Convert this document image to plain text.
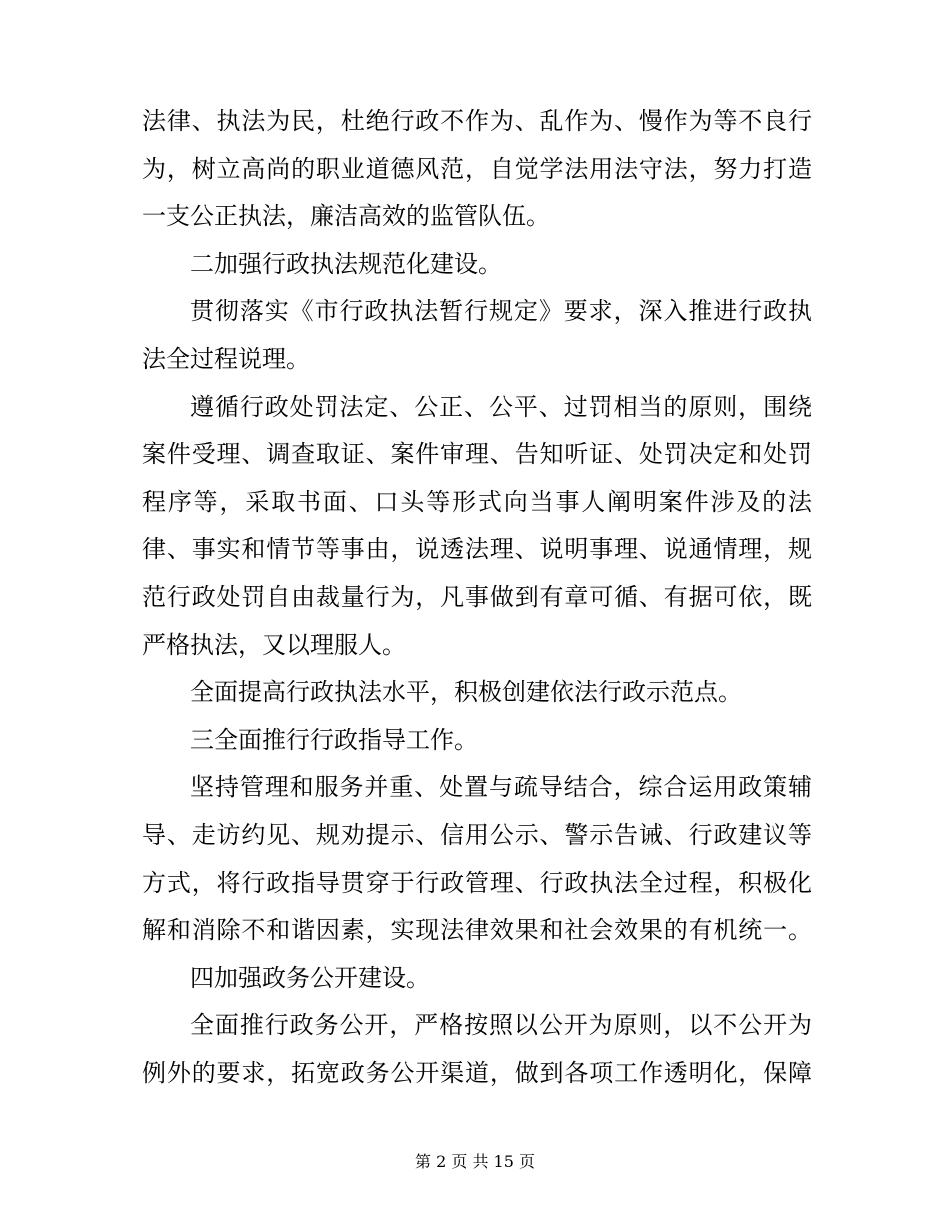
法律、执法为民，杜绝行政不作为、乱作为、慢作为等不良行
为，树立高尚的职业道德风范，自觉学法用法守法，努力打造
一支公正执法，廉洁高效的监管队伍。
二加强行政执法规范化建设。
贯彻落实《市行政执法暂行规定》要求，深入推进行政执
法全过程说理。
遵循行政处罚法定、公正、公平、过罚相当的原则，围绕
案件受理、调查取证、案件审理、告知听证、处罚决定和处罚
程序等，采取书面、口头等形式向当事人阐明案件涉及的法
律、事实和情节等事由，说透法理、说明事理、说通情理，规
范行政处罚自由裁量行为，凡事做到有章可循、有据可依，既
严格执法，又以理服人。
全面提高行政执法水平，积极创建依法行政示范点。
三全面推行行政指导工作。
坚持管理和服务并重、处置与疏导结合，综合运用政策辅
导、走访约见、规劝提示、信用公示、警示告诫、行政建议等
方式，将行政指导贯穿于行政管理、行政执法全过程，积极化
解和消除不和谐因素，实现法律效果和社会效果的有机统一。
四加强政务公开建设。
全面推行政务公开，严格按照以公开为原则，以不公开为
例外的要求，拓宽政务公开渠道，做到各项工作透明化，保障
第 2 页 共 15 页
